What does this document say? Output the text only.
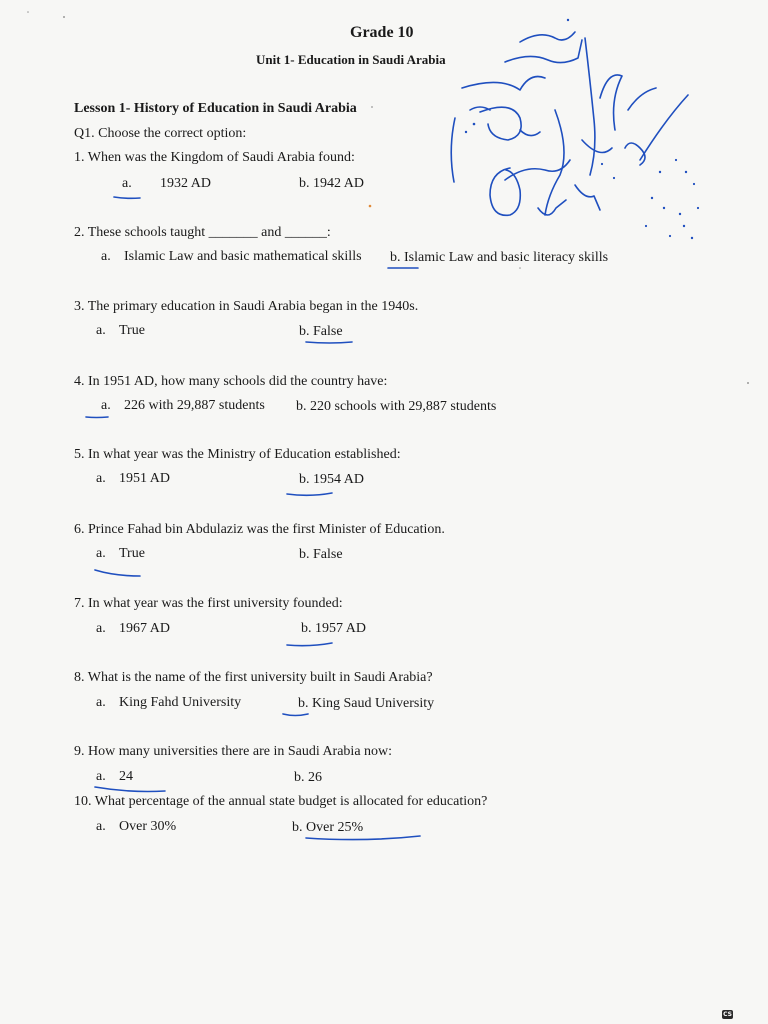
Grade 10
Unit 1- Education in Saudi Arabia
Lesson 1- History of Education in Saudi Arabia
Q1. Choose the correct option:
1. When was the Kingdom of Saudi Arabia found:
a. 1932 AD	b. 1942 AD
2. These schools taught _______ and ______:
a. Islamic Law and basic mathematical skills b. Islamic Law and basic literacy skills
3. The primary education in Saudi Arabia began in the 1940s.
a. True	b. False
4. In 1951 AD, how many schools did the country have:
a. 226 with 29,887 students b. 220 schools with 29,887 students
5. In what year was the Ministry of Education established:
a. 1951 AD	b. 1954 AD
6. Prince Fahad bin Abdulaziz was the first Minister of Education.
a. True	b. False
7. In what year was the first university founded:
a. 1967 AD	b. 1957 AD
8. What is the name of the first university built in Saudi Arabia?
a. King Fahd University	b. King Saud University
9. How many universities there are in Saudi Arabia now:
a. 24	b. 26
10. What percentage of the annual state budget is allocated for education?
a. Over 30%	b. Over 25%
CS
